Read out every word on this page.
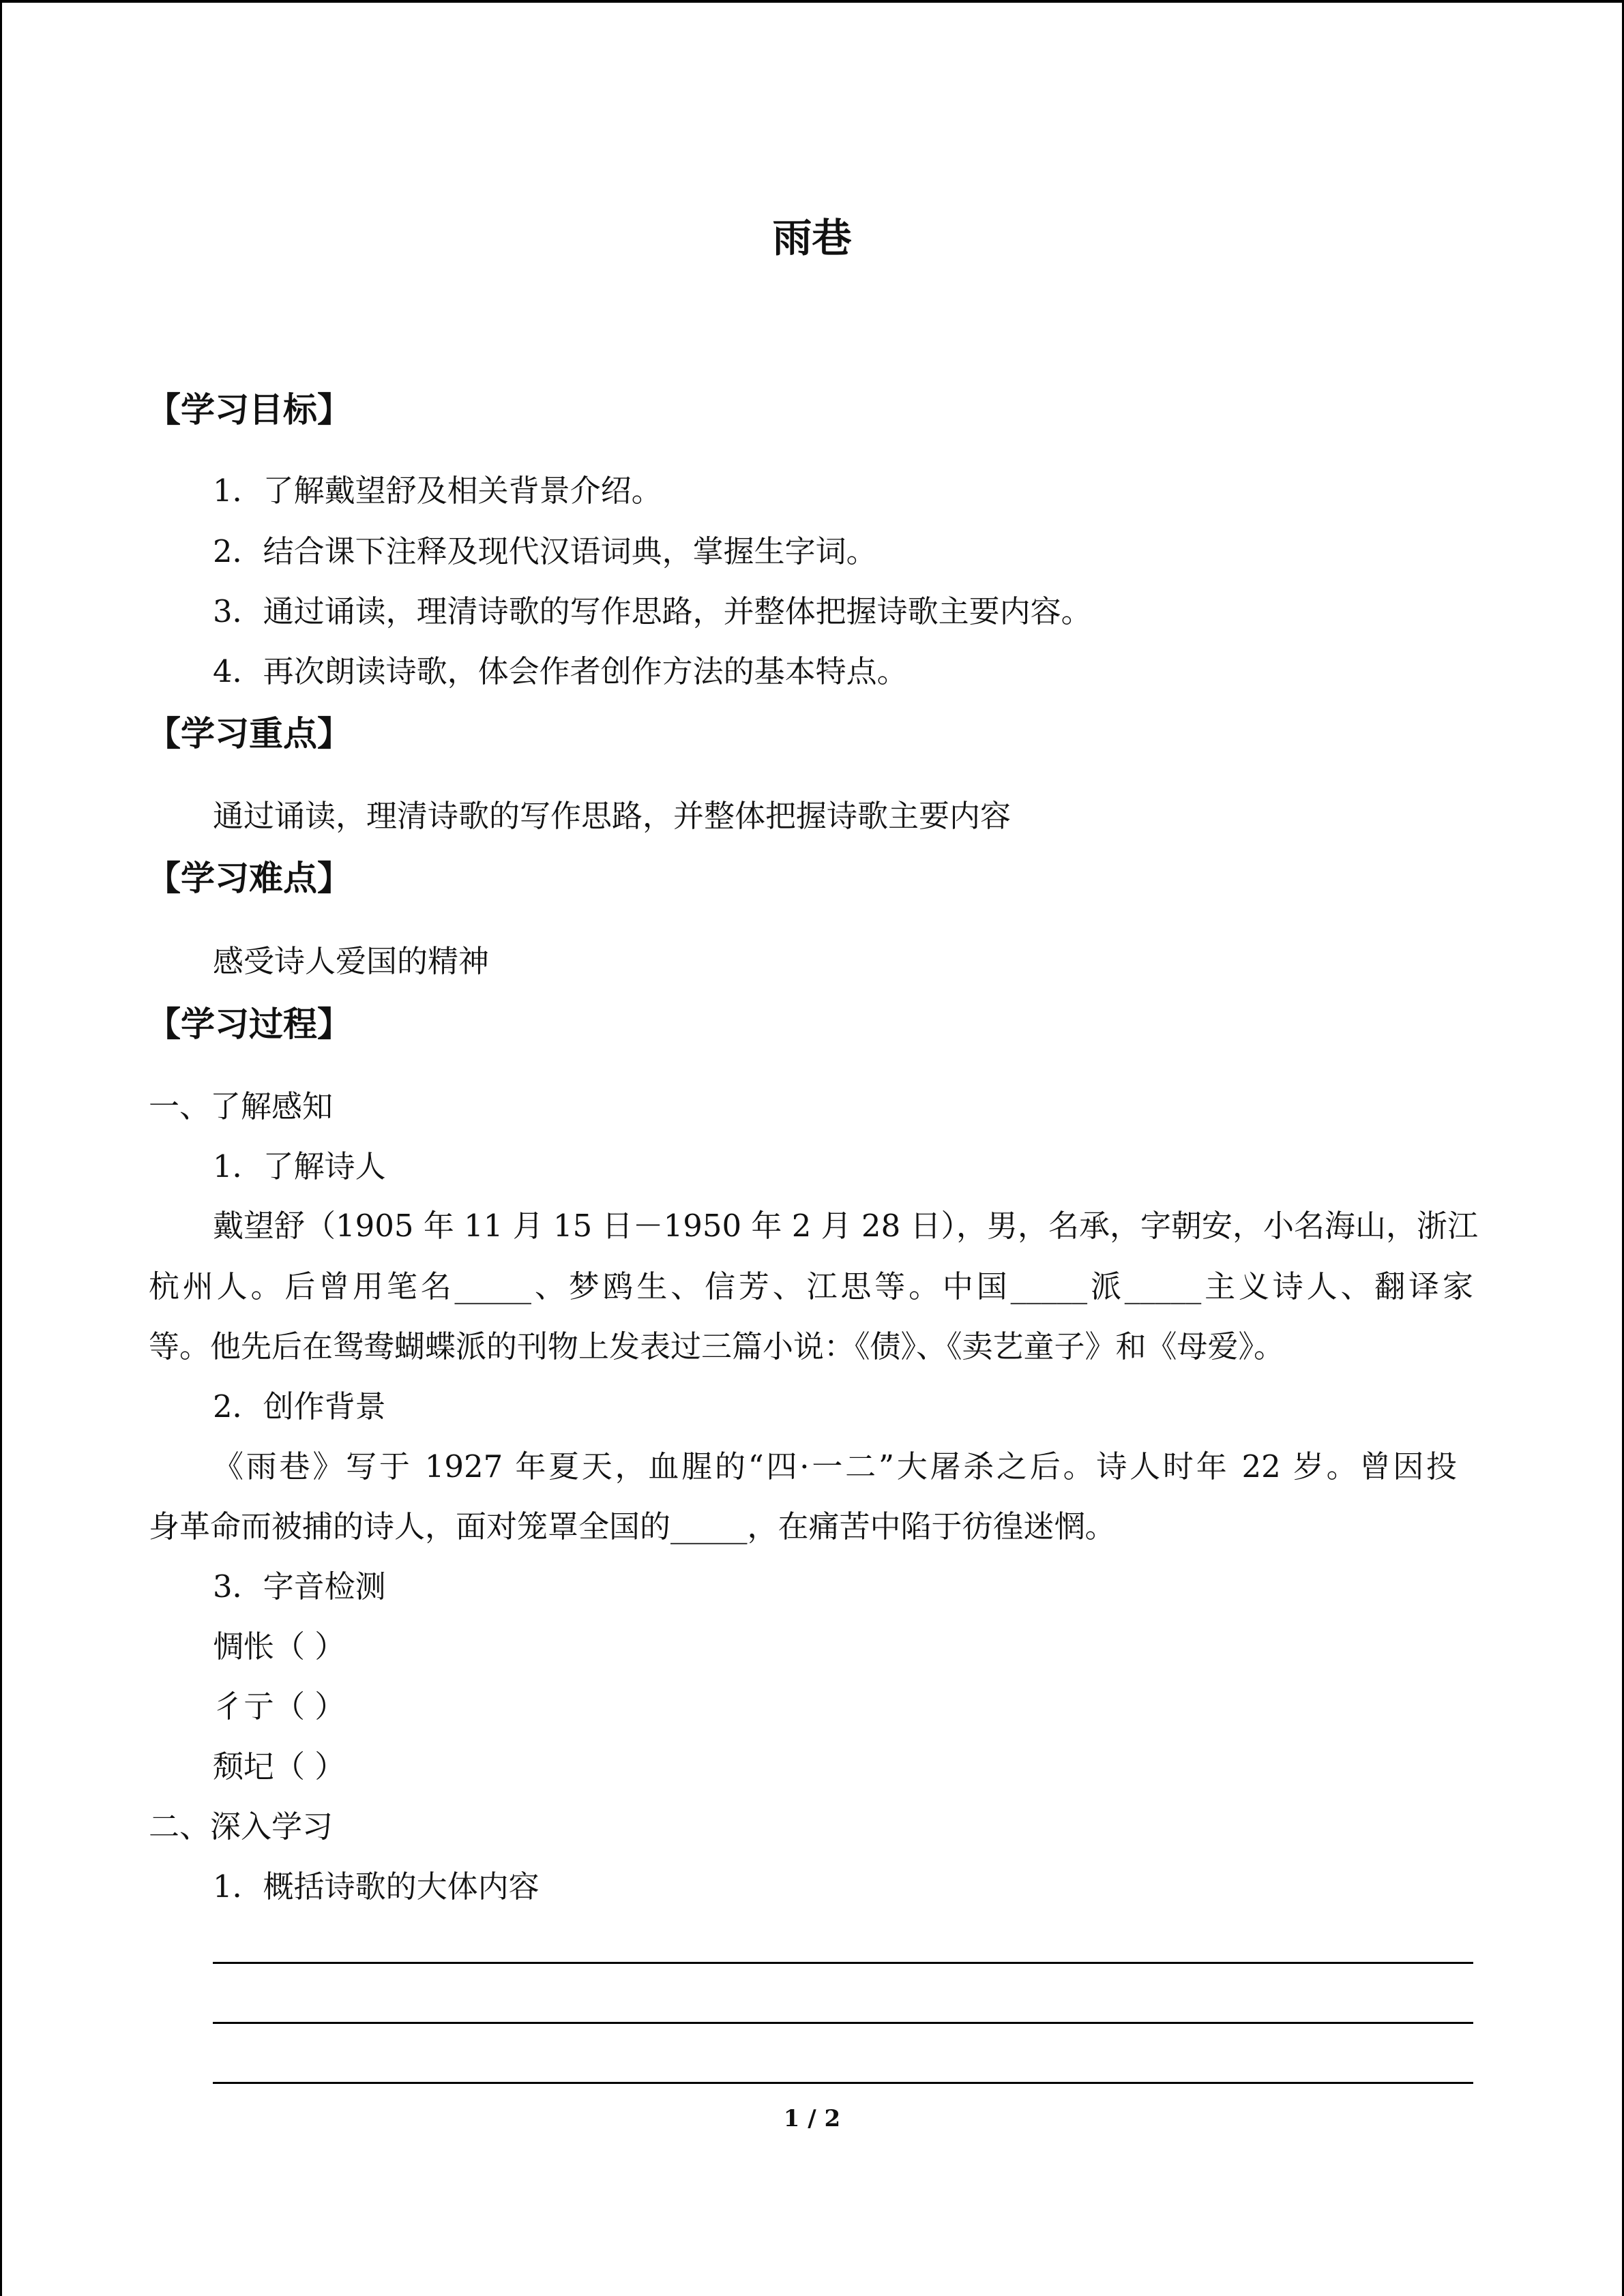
雨巷
【学习目标】
1．了解戴望舒及相关背景介绍。
2．结合课下注释及现代汉语词典，掌握生字词。
3．通过诵读，理清诗歌的写作思路，并整体把握诗歌主要内容。
4．再次朗读诗歌，体会作者创作方法的基本特点。
【学习重点】
通过诵读，理清诗歌的写作思路，并整体把握诗歌主要内容
【学习难点】
感受诗人爱国的精神
【学习过程】
一、了解感知
1．了解诗人
戴望舒（1905 年 11 月 15 日－1950 年 2 月 28 日），男，名承，字朝安，小名海山，浙江
杭州人。后曾用笔名_____、梦鸥生、信芳、江思等。中国_____派_____主义诗人、翻译家
等。他先后在鸳鸯蝴蝶派的刊物上发表过三篇小说：《债》、《卖艺童子》和《母爱》。
2．创作背景
《雨巷》写于 1927 年夏天，血腥的“四·一二”大屠杀之后。诗人时年 22 岁。曾因投
身革命而被捕的诗人，面对笼罩全国的_____，在痛苦中陷于彷徨迷惘。
3．字音检测
惆怅（ ）
彳亍（ ）
颓圮（ ）
二、深入学习
1．概括诗歌的大体内容
1 / 2
